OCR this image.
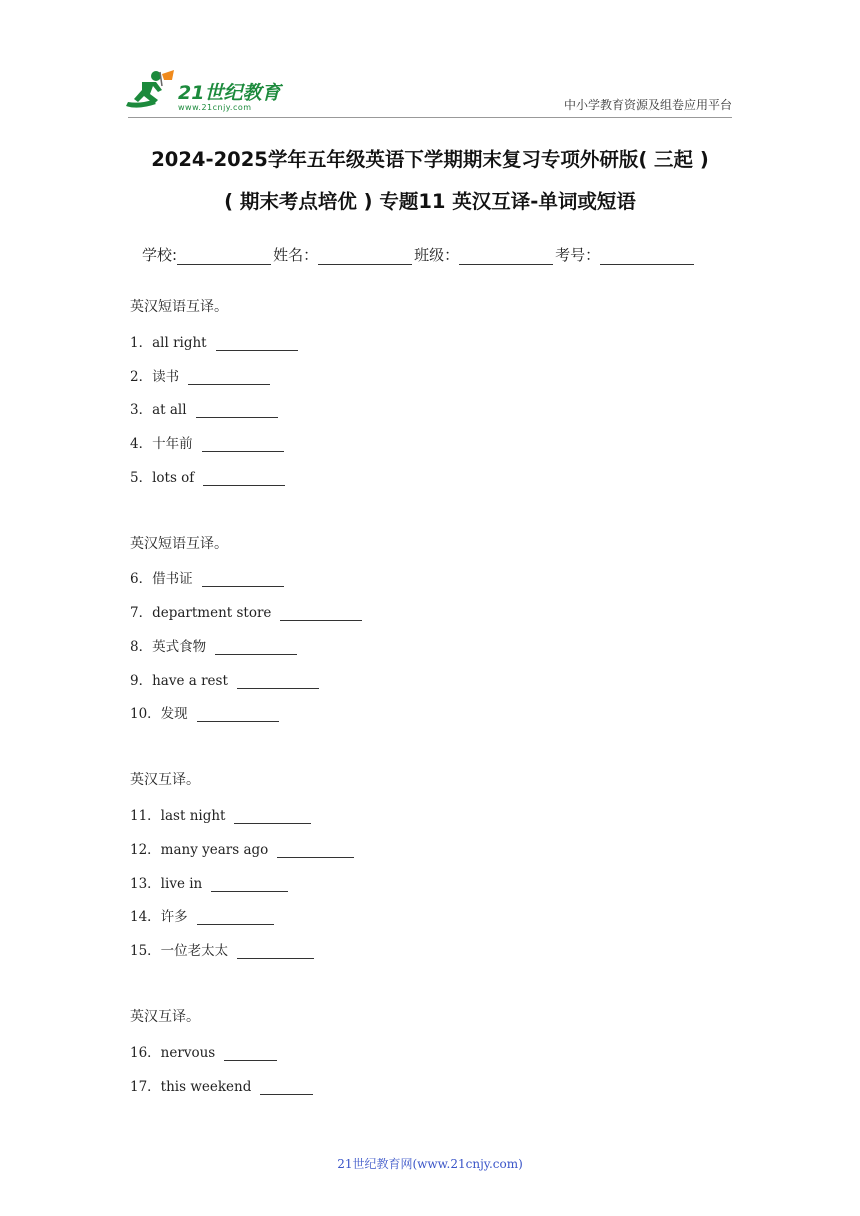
21世纪教育
www.21cnjy.com	中小学教育资源及组卷应用平台
2024-2025学年五年级英语下学期期末复习专项外研版( 三起 )
( 期末考点培优 ) 专题11 英汉互译-单词或短语
学校:	姓名：	班级：	考号：
英汉短语互译。
1．all right
2．读书
3．at all
4．十年前
5．lots of
英汉短语互译。
6．借书证
7．department store
8．英式食物
9．have a rest
10．发现
英汉互译。
11．last night
12．many years ago
13．live in
14．许多
15．一位老太太
英汉互译。
16．nervous
17．this weekend
21世纪教育网(www.21cnjy.com)
